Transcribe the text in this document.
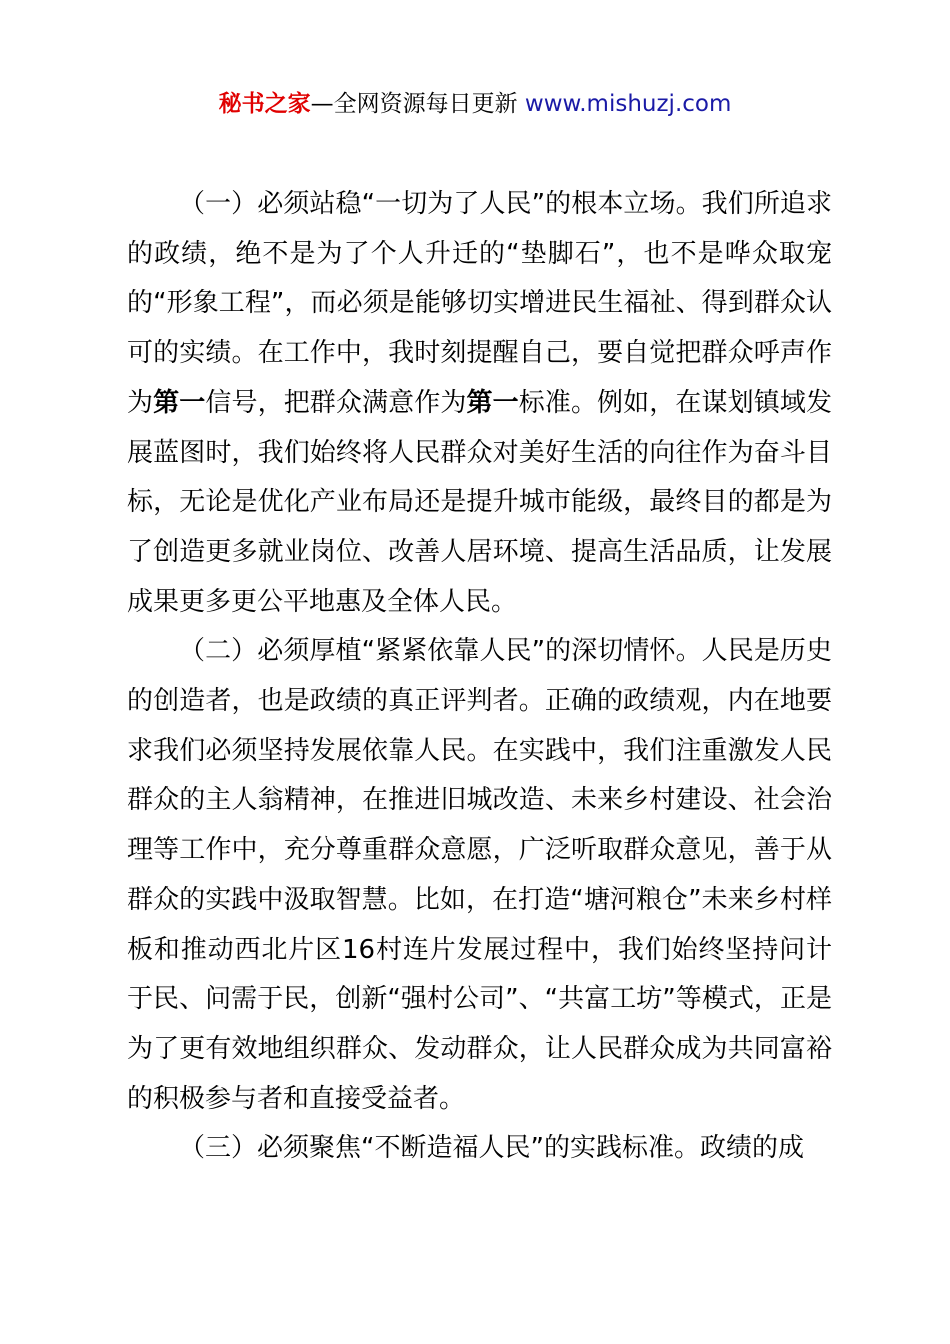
秘书之家—全网资源每日更新 www.mishuzj.com

（一）必须站稳“一切为了人民”的根本立场。我们所追求的政绩，绝不是为了个人升迁的“垫脚石”，也不是哗众取宠的“形象工程”，而必须是能够切实增进民生福祉、得到群众认可的实绩。在工作中，我时刻提醒自己，要自觉把群众呼声作为第一信号，把群众满意作为第一标准。例如，在谋划镇域发展蓝图时，我们始终将人民群众对美好生活的向往作为奋斗目标，无论是优化产业布局还是提升城市能级，最终目的都是为了创造更多就业岗位、改善人居环境、提高生活品质，让发展成果更多更公平地惠及全体人民。

（二）必须厚植“紧紧依靠人民”的深切情怀。人民是历史的创造者，也是政绩的真正评判者。正确的政绩观，内在地要求我们必须坚持发展依靠人民。在实践中，我们注重激发人民群众的主人翁精神，在推进旧城改造、未来乡村建设、社会治理等工作中，充分尊重群众意愿，广泛听取群众意见，善于从群众的实践中汲取智慧。比如，在打造“塘河粮仓”未来乡村样板和推动西北片区16村连片发展过程中，我们始终坚持问计于民、问需于民，创新“强村公司”、“共富工坊”等模式，正是为了更有效地组织群众、发动群众，让人民群众成为共同富裕的积极参与者和直接受益者。

（三）必须聚焦“不断造福人民”的实践标准。政绩的成
